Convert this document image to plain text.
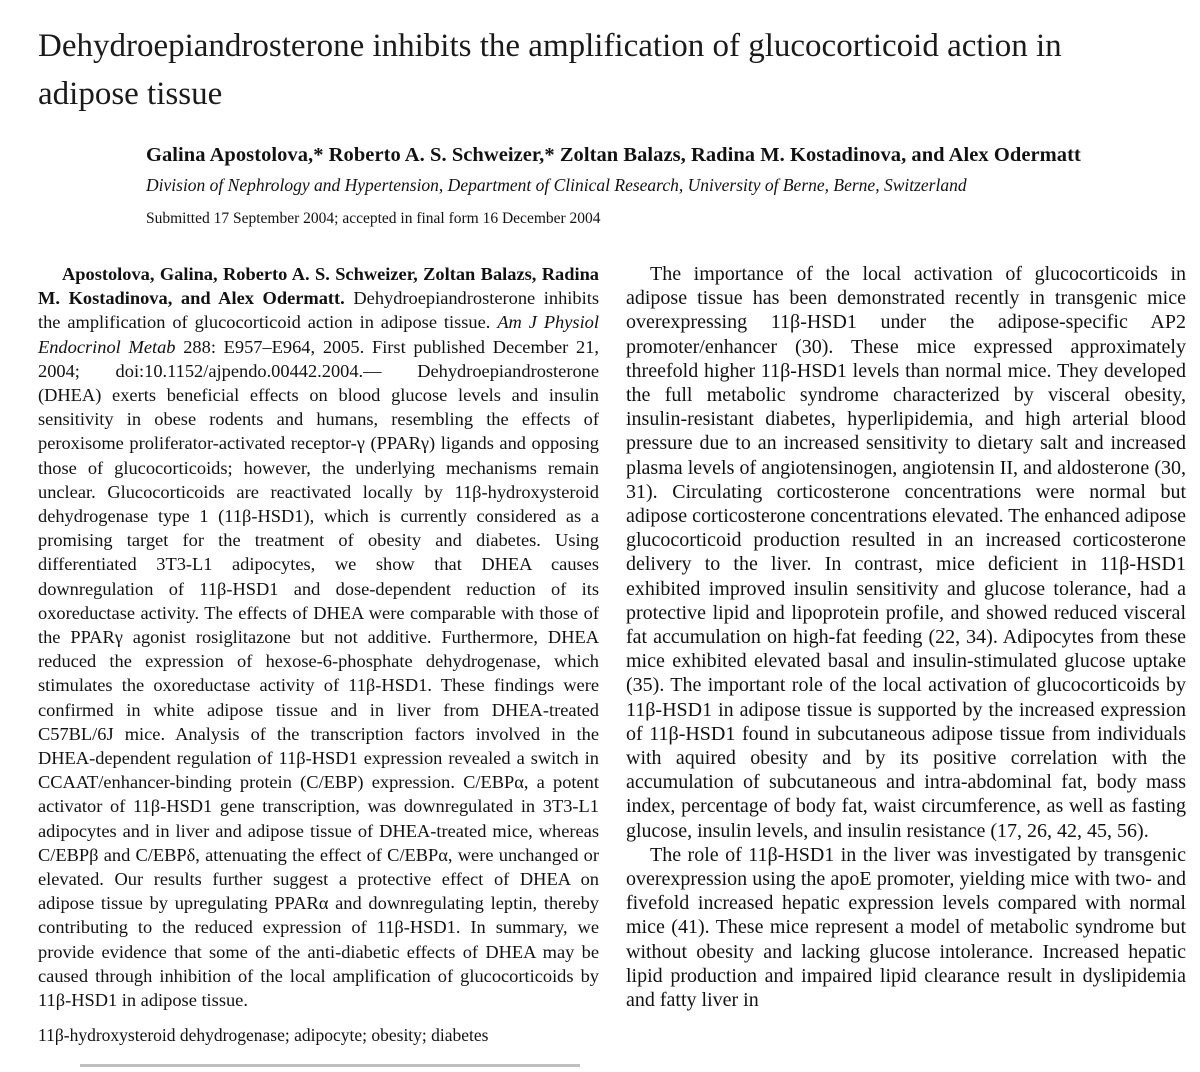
Dehydroepiandrosterone inhibits the amplification of glucocorticoid action in adipose tissue
Galina Apostolova,* Roberto A. S. Schweizer,* Zoltan Balazs, Radina M. Kostadinova, and Alex Odermatt
Division of Nephrology and Hypertension, Department of Clinical Research, University of Berne, Berne, Switzerland
Submitted 17 September 2004; accepted in final form 16 December 2004

Apostolova, Galina, Roberto A. S. Schweizer, Zoltan Balazs, Radina M. Kostadinova, and Alex Odermatt. Dehydroepiandrosterone inhibits the amplification of glucocorticoid action in adipose tissue. Am J Physiol Endocrinol Metab 288: E957–E964, 2005. First published December 21, 2004; doi:10.1152/ajpendo.00442.2004.— Dehydroepiandrosterone (DHEA) exerts beneficial effects on blood glucose levels and insulin sensitivity in obese rodents and humans, resembling the effects of peroxisome proliferator-activated receptor-γ (PPARγ) ligands and opposing those of glucocorticoids; however, the underlying mechanisms remain unclear. Glucocorticoids are reactivated locally by 11β-hydroxysteroid dehydrogenase type 1 (11β-HSD1), which is currently considered as a promising target for the treatment of obesity and diabetes. Using differentiated 3T3-L1 adipocytes, we show that DHEA causes downregulation of 11β-HSD1 and dose-dependent reduction of its oxoreductase activity. The effects of DHEA were comparable with those of the PPARγ agonist rosiglitazone but not additive. Furthermore, DHEA reduced the expression of hexose-6-phosphate dehydrogenase, which stimulates the oxoreductase activity of 11β-HSD1. These findings were confirmed in white adipose tissue and in liver from DHEA-treated C57BL/6J mice. Analysis of the transcription factors involved in the DHEA-dependent regulation of 11β-HSD1 expression revealed a switch in CCAAT/enhancer-binding protein (C/EBP) expression. C/EBPα, a potent activator of 11β-HSD1 gene transcription, was downregulated in 3T3-L1 adipocytes and in liver and adipose tissue of DHEA-treated mice, whereas C/EBPβ and C/EBPδ, attenuating the effect of C/EBPα, were unchanged or elevated. Our results further suggest a protective effect of DHEA on adipose tissue by upregulating PPARα and downregulating leptin, thereby contributing to the reduced expression of 11β-HSD1. In summary, we provide evidence that some of the anti-diabetic effects of DHEA may be caused through inhibition of the local amplification of glucocorticoids by 11β-HSD1 in adipose tissue.

11β-hydroxysteroid dehydrogenase; adipocyte; obesity; diabetes

The importance of the local activation of glucocorticoids in adipose tissue has been demonstrated recently in transgenic mice overexpressing 11β-HSD1 under the adipose-specific AP2 promoter/enhancer (30). These mice expressed approximately threefold higher 11β-HSD1 levels than normal mice. They developed the full metabolic syndrome characterized by visceral obesity, insulin-resistant diabetes, hyperlipidemia, and high arterial blood pressure due to an increased sensitivity to dietary salt and increased plasma levels of angiotensinogen, angiotensin II, and aldosterone (30, 31). Circulating corticosterone concentrations were normal but adipose corticosterone concentrations elevated. The enhanced adipose glucocorticoid production resulted in an increased corticosterone delivery to the liver. In contrast, mice deficient in 11β-HSD1 exhibited improved insulin sensitivity and glucose tolerance, had a protective lipid and lipoprotein profile, and showed reduced visceral fat accumulation on high-fat feeding (22, 34). Adipocytes from these mice exhibited elevated basal and insulin-stimulated glucose uptake (35). The important role of the local activation of glucocorticoids by 11β-HSD1 in adipose tissue is supported by the increased expression of 11β-HSD1 found in subcutaneous adipose tissue from individuals with aquired obesity and by its positive correlation with the accumulation of subcutaneous and intra-abdominal fat, body mass index, percentage of body fat, waist circumference, as well as fasting glucose, insulin levels, and insulin resistance (17, 26, 42, 45, 56).

The role of 11β-HSD1 in the liver was investigated by transgenic overexpression using the apoE promoter, yielding mice with two- and fivefold increased hepatic expression levels compared with normal mice (41). These mice represent a model of metabolic syndrome but without obesity and lacking glucose intolerance. Increased hepatic lipid production and impaired lipid clearance result in dyslipidemia and fatty liver in
